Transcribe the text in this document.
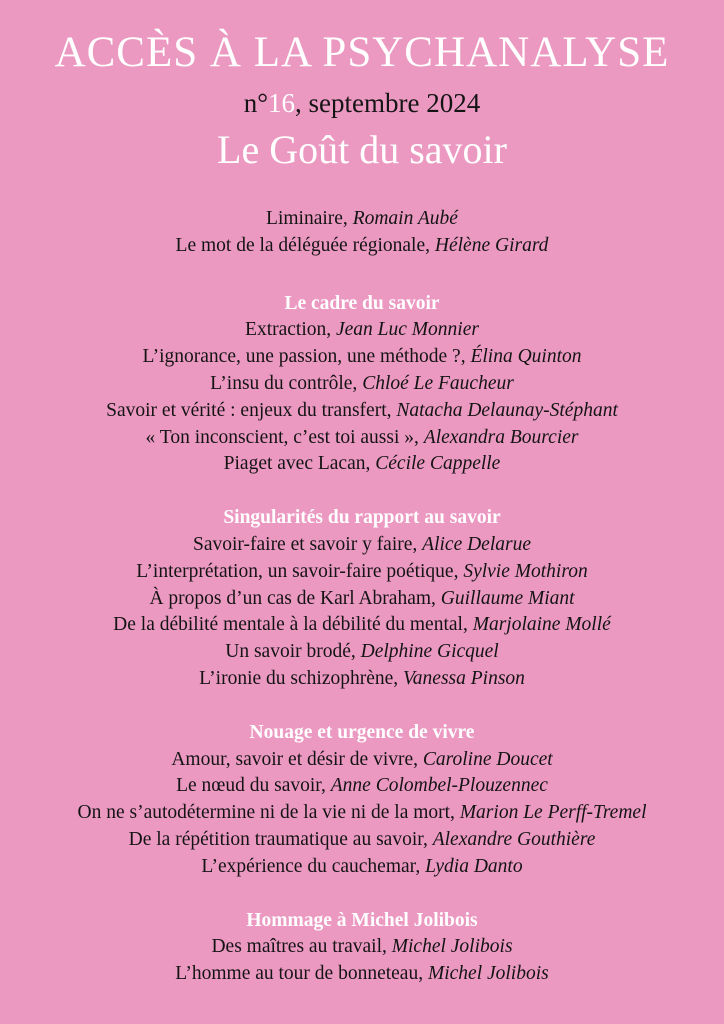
ACCÈS À LA PSYCHANALYSE
n°16, septembre 2024
Le Goût du savoir
Liminaire, Romain Aubé
Le mot de la déléguée régionale, Hélène Girard
Le cadre du savoir
Extraction, Jean Luc Monnier
L’ignorance, une passion, une méthode ?, Élina Quinton
L’insu du contrôle, Chloé Le Faucheur
Savoir et vérité : enjeux du transfert, Natacha Delaunay-Stéphant
« Ton inconscient, c’est toi aussi », Alexandra Bourcier
Piaget avec Lacan, Cécile Cappelle
Singularités du rapport au savoir
Savoir-faire et savoir y faire, Alice Delarue
L’interprétation, un savoir-faire poétique, Sylvie Mothiron
À propos d’un cas de Karl Abraham, Guillaume Miant
De la débilité mentale à la débilité du mental, Marjolaine Mollé
Un savoir brodé, Delphine Gicquel
L’ironie du schizophrène, Vanessa Pinson
Nouage et urgence de vivre
Amour, savoir et désir de vivre, Caroline Doucet
Le nœud du savoir, Anne Colombel-Plouzennec
On ne s’autodétermine ni de la vie ni de la mort, Marion Le Perff-Tremel
De la répétition traumatique au savoir, Alexandre Gouthière
L’expérience du cauchemar, Lydia Danto
Hommage à Michel Jolibois
Des maîtres au travail, Michel Jolibois
L’homme au tour de bonneteau, Michel Jolibois
